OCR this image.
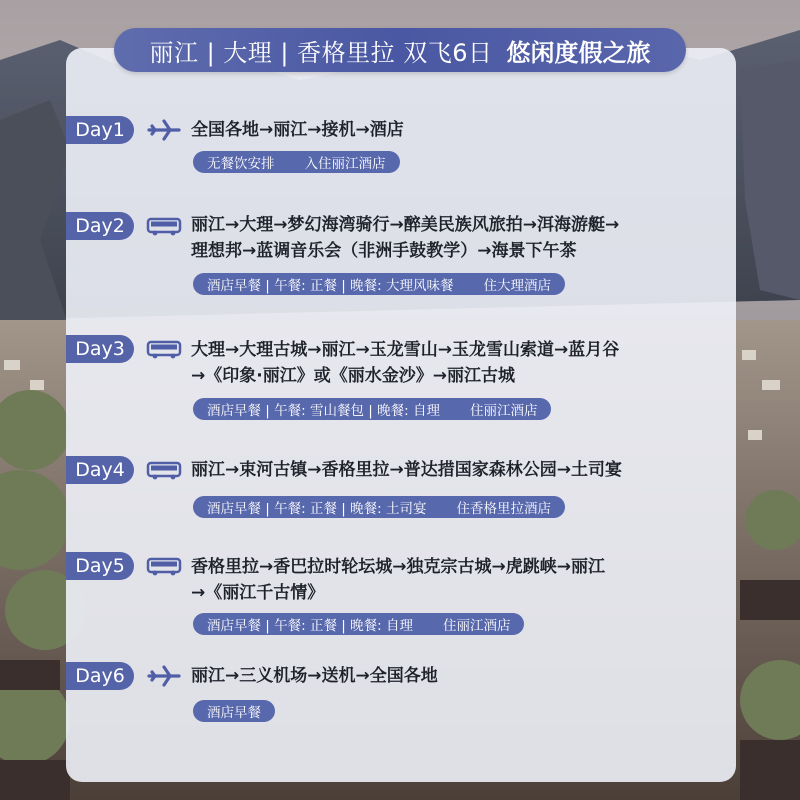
丽江 | 大理 | 香格里拉 双飞6日 悠闲度假之旅
Day1	全国各地→丽江→接机→酒店
无餐饮安排 入住丽江酒店
Day2	丽江→大理→梦幻海湾骑行→醉美民族风旅拍→洱海游艇→
理想邦→蓝调音乐会（非洲手鼓教学）→海景下午茶
酒店早餐 | 午餐: 正餐 | 晚餐: 大理风味餐 住大理酒店
Day3	大理→大理古城→丽江→玉龙雪山→玉龙雪山索道→蓝月谷
→《印象·丽江》或《丽水金沙》→丽江古城
酒店早餐 | 午餐: 雪山餐包 | 晚餐: 自理 住丽江酒店
Day4	丽江→束河古镇→香格里拉→普达措国家森林公园→土司宴
酒店早餐 | 午餐: 正餐 | 晚餐: 土司宴 住香格里拉酒店
Day5	香格里拉→香巴拉时轮坛城→独克宗古城→虎跳峡→丽江
→《丽江千古情》
酒店早餐 | 午餐: 正餐 | 晚餐: 自理 住丽江酒店
Day6	丽江→三义机场→送机→全国各地
酒店早餐
